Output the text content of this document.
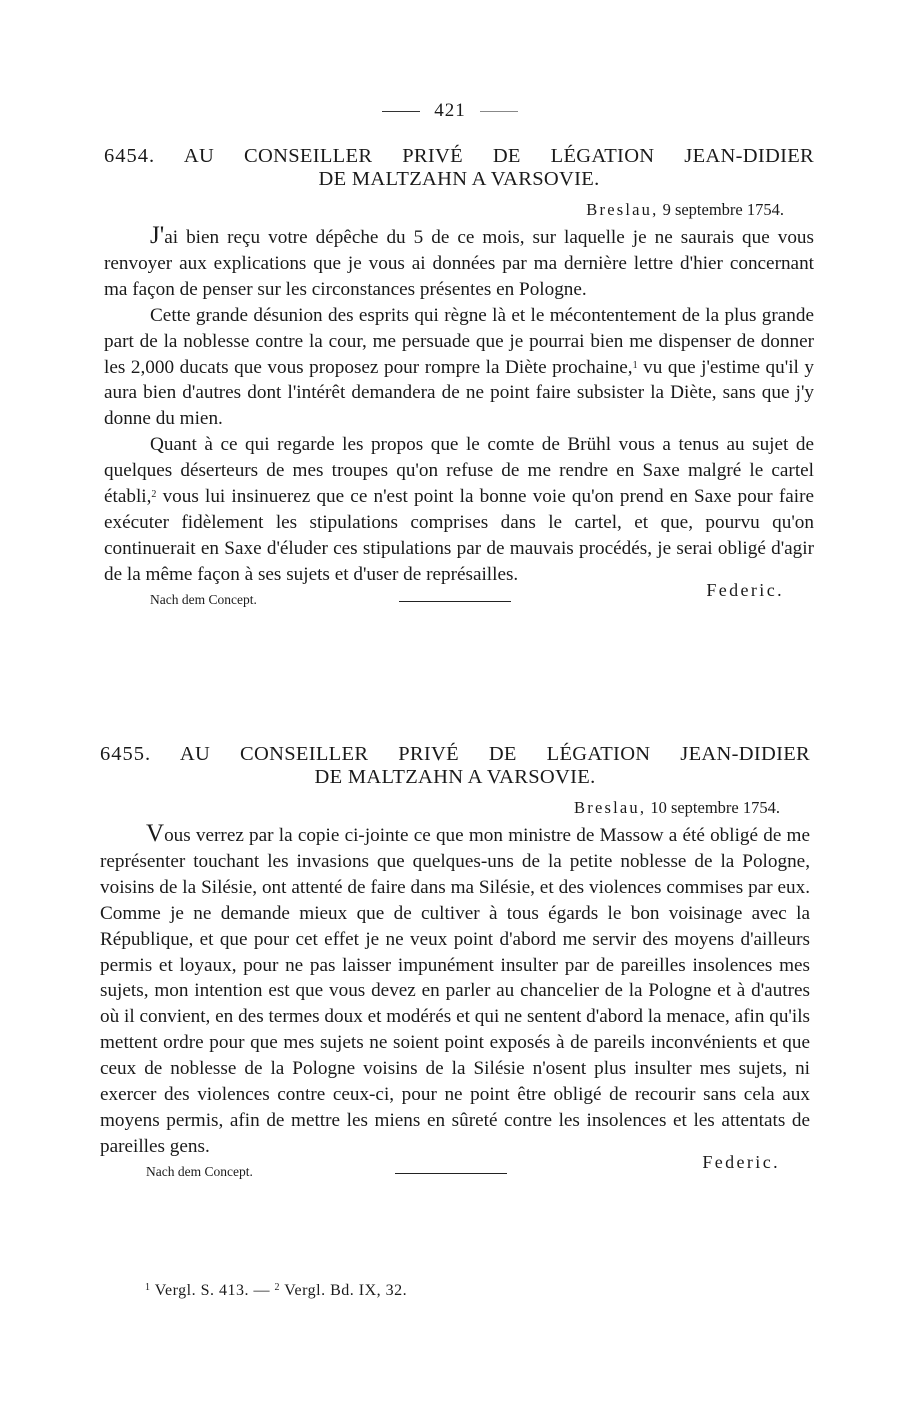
421
6454. AU CONSEILLER PRIVÉ DE LÉGATION JEAN-DIDIER
DE MALTZAHN A VARSOVIE.
Breslau, 9 septembre 1754.

J'ai bien reçu votre dépêche du 5 de ce mois, sur laquelle je ne saurais que vous renvoyer aux explications que je vous ai données par ma dernière lettre d'hier concernant ma façon de penser sur les circonstances présentes en Pologne.

Cette grande désunion des esprits qui règne là et le mécontentement de la plus grande part de la noblesse contre la cour, me persuade que je pourrai bien me dispenser de donner les 2,000 ducats que vous proposez pour rompre la Diète prochaine,$^1$ vu que j'estime qu'il y aura bien d'autres dont l'intérêt demandera de ne point faire subsister la Diète, sans que j'y donne du mien.

Quant à ce qui regarde les propos que le comte de Brühl vous a tenus au sujet de quelques déserteurs de mes troupes qu'on refuse de me rendre en Saxe malgré le cartel établi,$^2$ vous lui insinuerez que ce n'est point la bonne voie qu'on prend en Saxe pour faire exécuter fidèlement les stipulations comprises dans le cartel, et que, pourvu qu'on continuerait en Saxe d'éluder ces stipulations par de mauvais procédés, je serai obligé d'agir de la même façon à ses sujets et d'user de représailles.

Nach dem Concept.	Federic.
6455. AU CONSEILLER PRIVÉ DE LÉGATION JEAN-DIDIER
DE MALTZAHN A VARSOVIE.
Breslau, 10 septembre 1754.

Vous verrez par la copie ci-jointe ce que mon ministre de Massow a été obligé de me représenter touchant les invasions que quelques-uns de la petite noblesse de la Pologne, voisins de la Silésie, ont attenté de faire dans ma Silésie, et des violences commises par eux. Comme je ne demande mieux que de cultiver à tous égards le bon voisinage avec la République, et que pour cet effet je ne veux point d'abord me servir des moyens d'ailleurs permis et loyaux, pour ne pas laisser impunément insulter par de pareilles insolences mes sujets, mon intention est que vous devez en parler au chancelier de la Pologne et à d'autres où il convient, en des termes doux et modérés et qui ne sentent d'abord la menace, afin qu'ils mettent ordre pour que mes sujets ne soient point exposés à de pareils inconvénients et que ceux de noblesse de la Pologne voisins de la Silésie n'osent plus insulter mes sujets, ni exercer des violences contre ceux-ci, pour ne point être obligé de recourir sans cela aux moyens permis, afin de mettre les miens en sûreté contre les insolences et les attentats de pareilles gens.

Nach dem Concept.	Federic.
$^1$ Vergl. S. 413. — $^2$ Vergl. Bd. IX, 32.
